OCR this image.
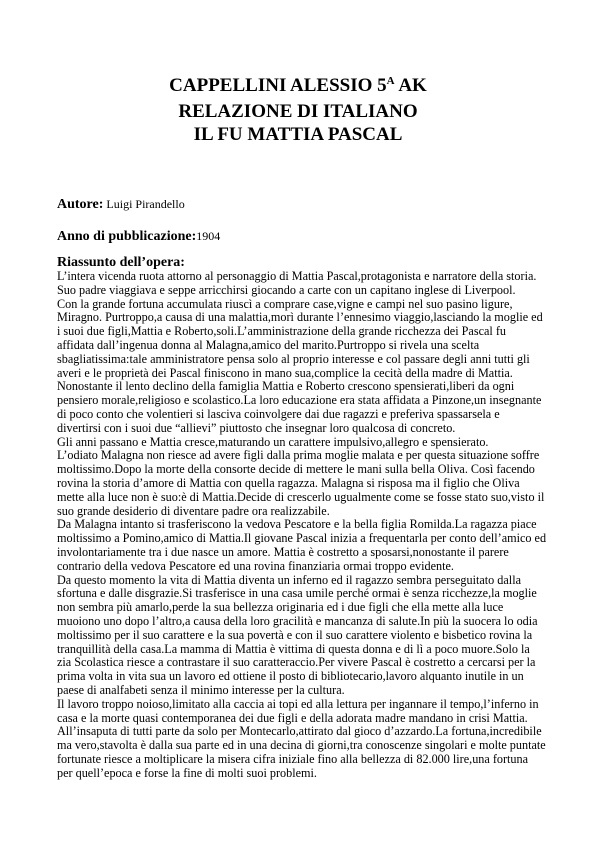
CAPPELLINI ALESSIO $5^A$ AK
RELAZIONE DI ITALIANO
IL FU MATTIA PASCAL
Autore: Luigi Pirandello
Anno di pubblicazione:1904
Riassunto dell’opera:
L’intera vicenda ruota attorno al personaggio di Mattia Pascal,protagonista e narratore della storia.
Suo padre viaggiava e seppe arricchirsi giocando a carte con un capitano inglese di Liverpool.
Con la grande fortuna accumulata riuscì a comprare case,vigne e campi nel suo pasino ligure,
Miragno. Purtroppo,a causa di una malattia,morì durante l’ennesimo viaggio,lasciando la moglie ed
i suoi due figli,Mattia e Roberto,soli.L’amministrazione della grande ricchezza dei Pascal fu
affidata dall’ingenua donna al Malagna,amico del marito.Purtroppo si rivela una scelta
sbagliatissima:tale amministratore pensa solo al proprio interesse e col passare degli anni tutti gli
averi e le proprietà dei Pascal finiscono in mano sua,complice la cecità della madre di Mattia.
Nonostante il lento declino della famiglia Mattia e Roberto crescono spensierati,liberi da ogni
pensiero morale,religioso e scolastico.La loro educazione era stata affidata a Pinzone,un insegnante
di poco conto che volentieri si lasciva coinvolgere dai due ragazzi e preferiva spassarsela e
divertirsi con i suoi due “allievi” piuttosto che insegnar loro qualcosa di concreto.
Gli anni passano e Mattia cresce,maturando un carattere impulsivo,allegro e spensierato.
L’odiato Malagna non riesce ad avere figli dalla prima moglie malata e per questa situazione soffre
moltissimo.Dopo la morte della consorte decide di mettere le mani sulla bella Oliva. Così facendo
rovina la storia d’amore di Mattia con quella ragazza. Malagna si risposa ma il figlio che Oliva
mette alla luce non è suo:è di Mattia.Decide di crescerlo ugualmente come se fosse stato suo,visto il
suo grande desiderio di diventare padre ora realizzabile.
Da Malagna intanto si trasferiscono la vedova Pescatore e la bella figlia Romilda.La ragazza piace
moltissimo a Pomino,amico di Mattia.Il giovane Pascal inizia a frequentarla per conto dell’amico ed
involontariamente tra i due nasce un amore. Mattia è costretto a sposarsi,nonostante il parere
contrario della vedova Pescatore ed una rovina finanziaria ormai troppo evidente.
Da questo momento la vita di Mattia diventa un inferno ed il ragazzo sembra perseguitato dalla
sfortuna e dalle disgrazie.Si trasferisce in una casa umile perché ormai è senza ricchezze,la moglie
non sembra più amarlo,perde la sua bellezza originaria ed i due figli che ella mette alla luce
muoiono uno dopo l’altro,a causa della loro gracilità e mancanza di salute.In più la suocera lo odia
moltissimo per il suo carattere e la sua povertà e con il suo carattere violento e bisbetico rovina la
tranquillità della casa.La mamma di Mattia è vittima di questa donna e di lì a poco muore.Solo la
zia Scolastica riesce a contrastare il suo caratteraccio.Per vivere Pascal è costretto a cercarsi per la
prima volta in vita sua un lavoro ed ottiene il posto di bibliotecario,lavoro alquanto inutile in un
paese di analfabeti senza il minimo interesse per la cultura.
Il lavoro troppo noioso,limitato alla caccia ai topi ed alla lettura per ingannare il tempo,l’inferno in
casa e la morte quasi contemporanea dei due figli e della adorata madre mandano in crisi Mattia.
All’insaputa di tutti parte da solo per Montecarlo,attirato dal gioco d’azzardo.La fortuna,incredibile
ma vero,stavolta è dalla sua parte ed in una decina di giorni,tra conoscenze singolari e molte puntate
fortunate riesce a moltiplicare la misera cifra iniziale fino alla bellezza di 82.000 lire,una fortuna
per quell’epoca e forse la fine di molti suoi problemi.
